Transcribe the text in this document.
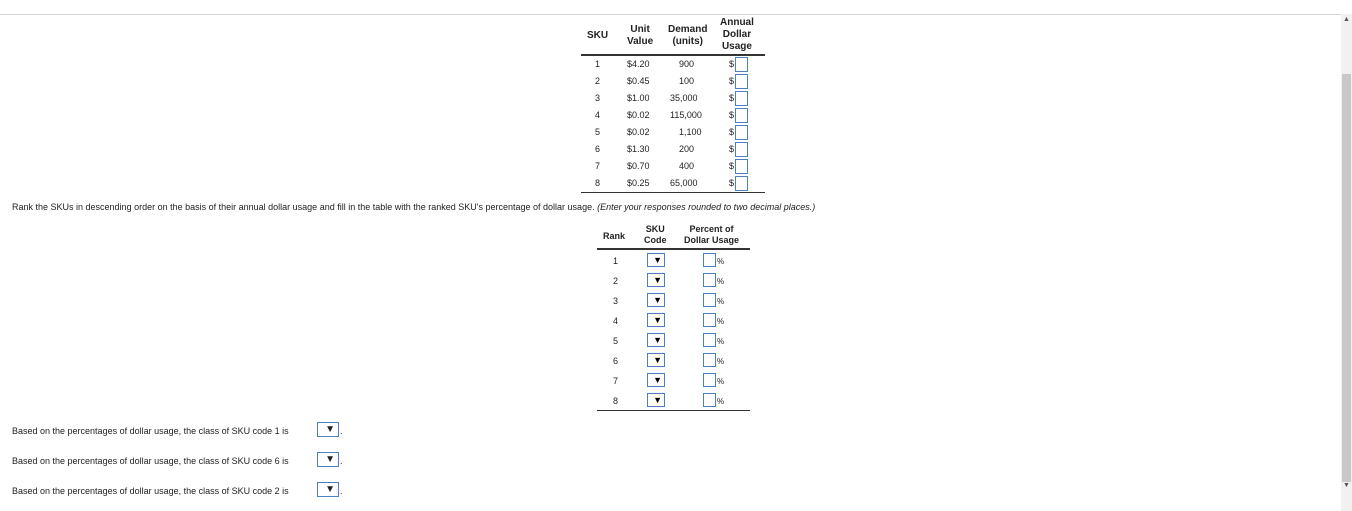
SKU
Unit
Value
Demand
(units)
Annual
Dollar
Usage
1	$4.20	900	$
2	$0.45	100	$
3	$1.00 35,000	$
4	$0.02 115,000	$
5	$0.02	1,100	$
6	$1.30	200	$
7	$0.70	400	$
8	$0.25 65,000	$
Rank the SKUs in descending order on the basis of their annual dollar usage and fill in the table with the ranked SKU's percentage of dollar usage. (Enter your responses rounded to two decimal places.)
Rank
SKU
Code
Percent of
Dollar Usage
1	▼	%
2	▼	%
3	▼	%
4	▼	%
5	▼	%
6	▼	%
7	▼	%
8	▼	%
Based on the percentages of dollar usage, the class of SKU code 1 is	▼ .
Based on the percentages of dollar usage, the class of SKU code 6 is	▼ .
Based on the percentages of dollar usage, the class of SKU code 2 is	▼ .
▲
▼
